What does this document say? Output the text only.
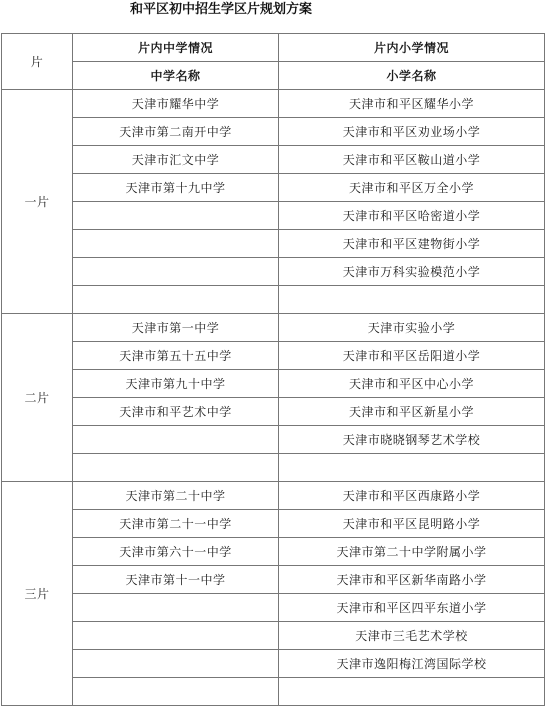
和平区初中招生学区片规划方案
片	片内中学情况	片内小学情况
	中学名称	小学名称
一片	天津市耀华中学	天津市和平区耀华小学
	天津市第二南开中学	天津市和平区劝业场小学
	天津市汇文中学	天津市和平区鞍山道小学
	天津市第十九中学	天津市和平区万全小学
		天津市和平区哈密道小学
		天津市和平区建物街小学
		天津市万科实验模范小学

二片	天津市第一中学	天津市实验小学
	天津市第五十五中学	天津市和平区岳阳道小学
	天津市第九十中学	天津市和平区中心小学
	天津市和平艺术中学	天津市和平区新星小学
		天津市晓晓钢琴艺术学校

三片	天津市第二十中学	天津市和平区西康路小学
	天津市第二十一中学	天津市和平区昆明路小学
	天津市第六十一中学	天津市第二十中学附属小学
	天津市第十一中学	天津市和平区新华南路小学
		天津市和平区四平东道小学
		天津市三毛艺术学校
		天津市逸阳梅江湾国际学校
